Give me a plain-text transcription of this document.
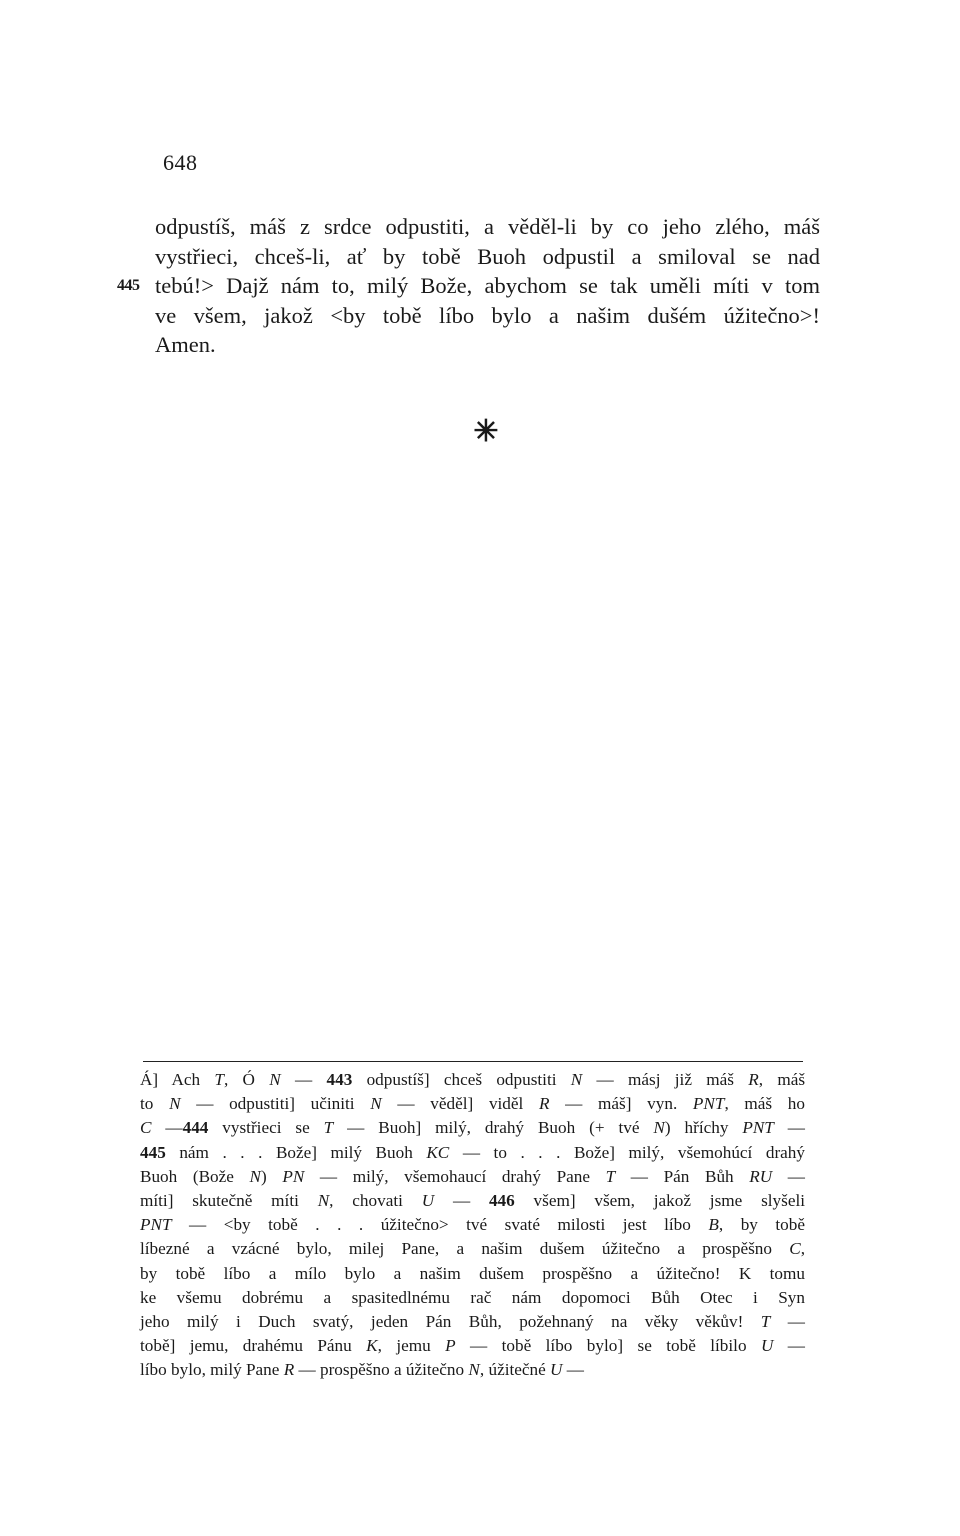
648
odpustíš, máš z srdce odpustiti, a věděl-li by co jeho zlého, máš
vystřieci, chceš-li, ať by tobě Buoh odpustil a smiloval se nad
445 tebú!> Dajž nám to, milý Bože, abychom se tak uměli míti v tom
ve všem, jakož <by tobě líbo bylo a našim dušém úžitečno>!
Amen.
✳
Á] Ach T, Ó N — 443 odpustíš] chceš odpustiti N — másj již máš R, máš
to N — odpustiti] učiniti N — věděl] viděl R — máš] vyn. PNT, máš ho
C —444 vystřieci se T — Buoh] milý, drahý Buoh (+ tvé N) hříchy PNT —
445 nám . . . Bože] milý Buoh KC — to . . . Bože] milý, všemohúcí drahý
Buoh (Bože N) PN — milý, všemohaucí drahý Pane T — Pán Bůh RU —
míti] skutečně míti N, chovati U — 446 všem] všem, jakož jsme slyšeli
PNT — <by tobě . . . úžitečno> tvé svaté milosti jest líbo B, by tobě
líbezné a vzácné bylo, milej Pane, a našim dušem úžitečno a prospěšno C,
by tobě líbo a mílo bylo a našim dušem prospěšno a úžitečno! K tomu
ke všemu dobrému a spasitedlnému rač nám dopomoci Bůh Otec i Syn
jeho milý i Duch svatý, jeden Pán Bůh, požehnaný na věky věkův! T —
tobě] jemu, drahému Pánu K, jemu P — tobě líbo bylo] se tobě líbilo U —
líbo bylo, milý Pane R — prospěšno a úžitečno N, úžitečné U —
